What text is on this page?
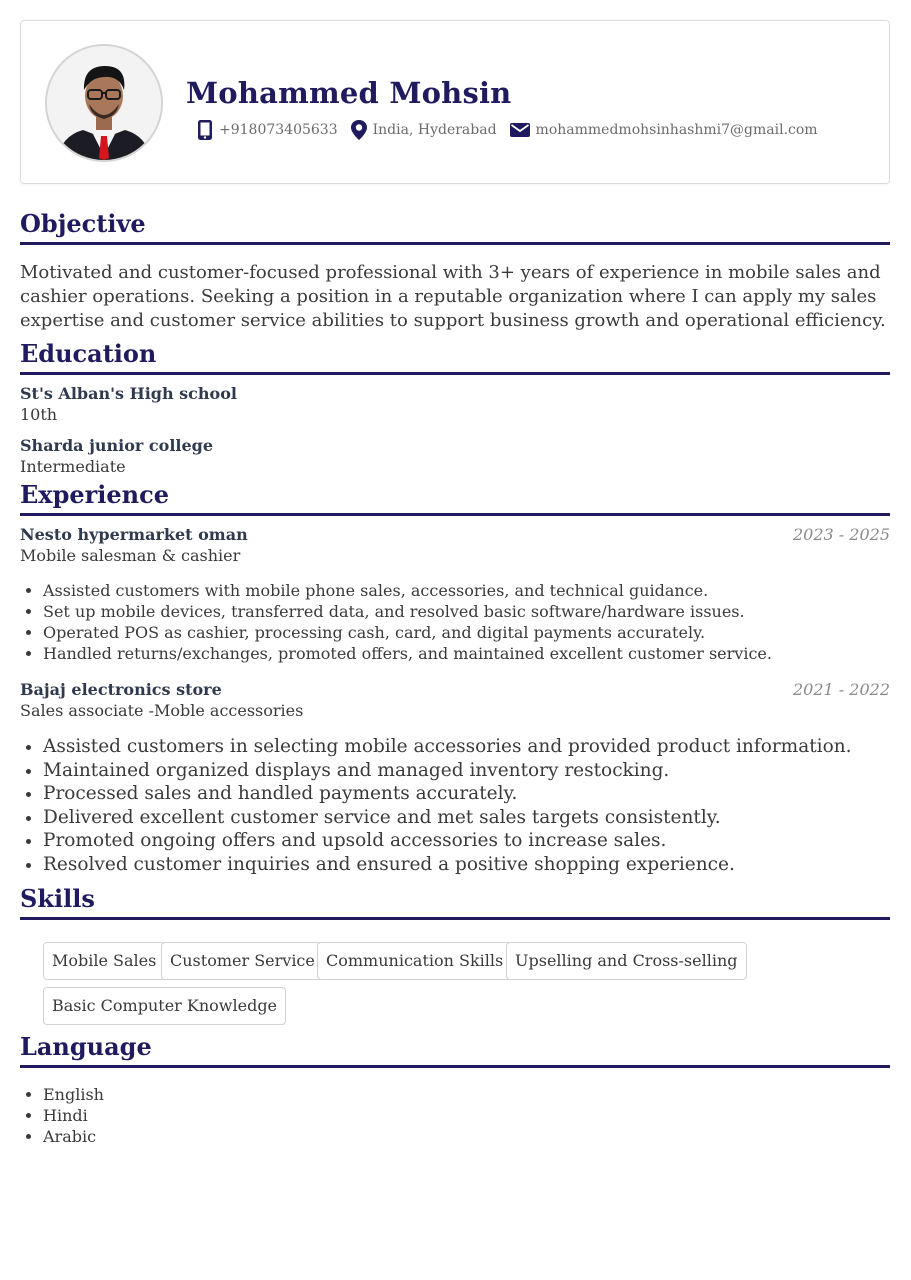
Mohammed Mohsin
+918073405633	India, Hyderabad	mohammedmohsinhashmi7@gmail.com
Objective
Motivated and customer-focused professional with 3+ years of experience in mobile sales and cashier operations. Seeking a position in a reputable organization where I can apply my sales expertise and customer service abilities to support business growth and operational efficiency.
Education
St's Alban's High school
10th
Sharda junior college
Intermediate
Experience
Nesto hypermarket oman	2023 - 2025
Mobile salesman & cashier
• Assisted customers with mobile phone sales, accessories, and technical guidance.
• Set up mobile devices, transferred data, and resolved basic software/hardware issues.
• Operated POS as cashier, processing cash, card, and digital payments accurately.
• Handled returns/exchanges, promoted offers, and maintained excellent customer service.
Bajaj electronics store	2021 - 2022
Sales associate -Moble accessories
• Assisted customers in selecting mobile accessories and provided product information.
• Maintained organized displays and managed inventory restocking.
• Processed sales and handled payments accurately.
• Delivered excellent customer service and met sales targets consistently.
• Promoted ongoing offers and upsold accessories to increase sales.
• Resolved customer inquiries and ensured a positive shopping experience.
Skills
Mobile Sales Customer Service Communication Skills Upselling and Cross-selling
Basic Computer Knowledge
Language
• English
• Hindi
• Arabic
